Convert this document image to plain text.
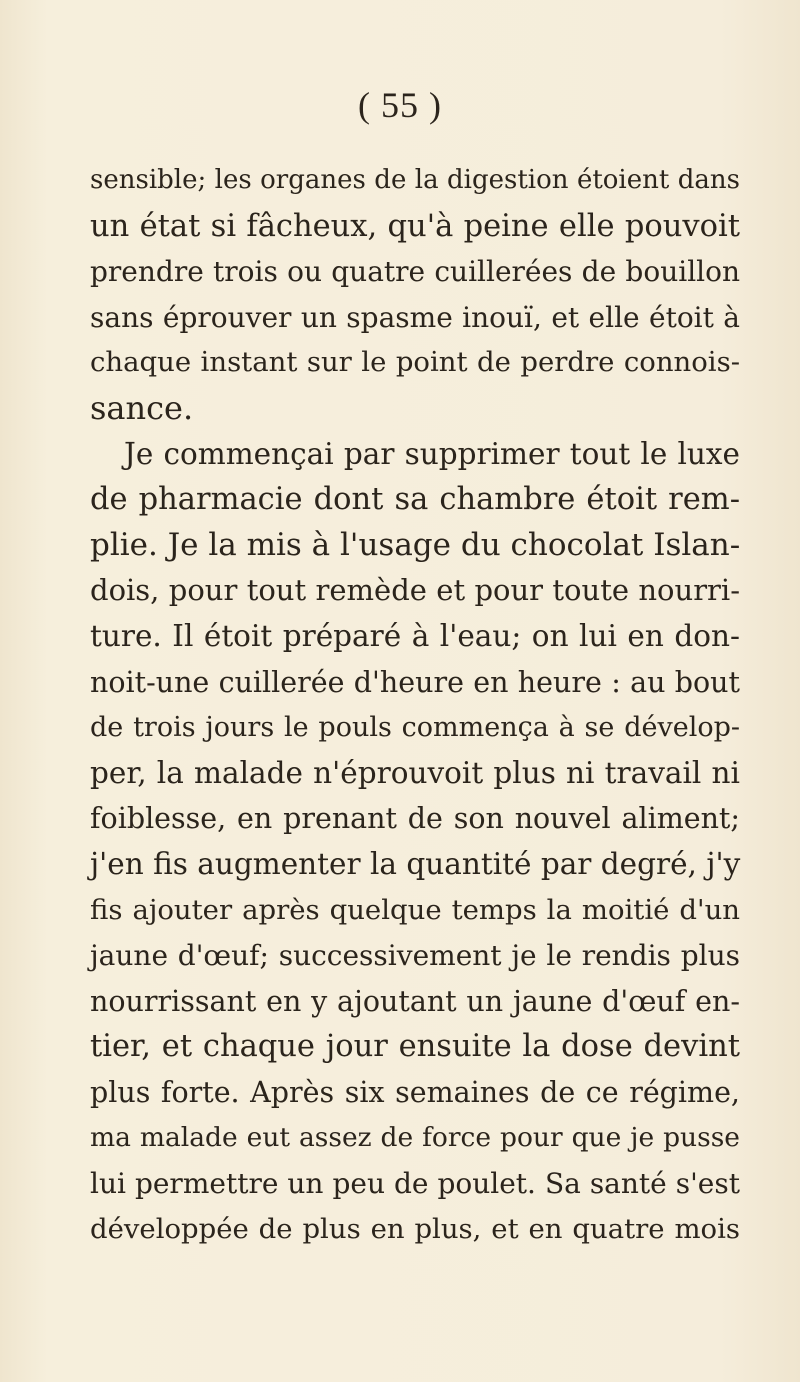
( 55 )
sensible; les organes de la digestion étoient dans
un état si fâcheux, qu'à peine elle pouvoit
prendre trois ou quatre cuillerées de bouillon
sans éprouver un spasme inouï, et elle étoit à
chaque instant sur le point de perdre connois-
sance.
Je commençai par supprimer tout le luxe
de pharmacie dont sa chambre étoit rem-
plie. Je la mis à l'usage du chocolat Islan-
dois, pour tout remède et pour toute nourri-
ture. Il étoit préparé à l'eau; on lui en don-
noit-une cuillerée d'heure en heure : au bout
de trois jours le pouls commença à se dévelop-
per, la malade n'éprouvoit plus ni travail ni
foiblesse, en prenant de son nouvel aliment;
j'en fis augmenter la quantité par degré, j'y
fis ajouter après quelque temps la moitié d'un
jaune d'œuf; successivement je le rendis plus
nourrissant en y ajoutant un jaune d'œuf en-
tier, et chaque jour ensuite la dose devint
plus forte. Après six semaines de ce régime,
ma malade eut assez de force pour que je pusse
lui permettre un peu de poulet. Sa santé s'est
développée de plus en plus, et en quatre mois
